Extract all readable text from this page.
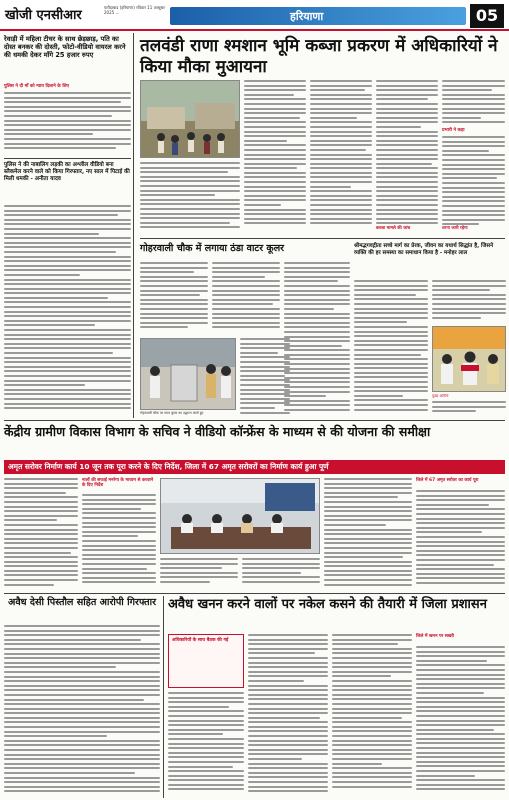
खोजी एनसीआर
फरीदाबाद (हरियाणा) रविवार 11 अक्टूबर 2025 ...	हरियाणा	05
रेवाड़ी में महिला टीचर के साथ छेड़छाड़, पति का दोस्त बनकर की दोस्ती, फोटो-वीडियो वायरल करने की धमकी देकर माँगे 25 हजार रुपए
पुलिस ने दी माँ को न्याय दिलाने के लिए
पुलिस ने की नाबालिग लड़की का अश्लील वीडियो बना ब्लैकमेल करने वाले को किया गिरफ्तार, नए साल में पिटाई की मिली धमकी - अनीता यादव
तलवंडी राणा श्मशान भूमि कब्जा प्रकरण में अधिकारियों ने किया मौका मुआयना
प्रभारी ने कहा
कब्जा मामले की जांच
गोहरवाली चौक में लगाया ठंडा वाटर कूलर
गोहरवाली चौक पर वाटर कूलर का उद्घाटन करते हुए
श्रीमद्भगवद्गीता सच्चे मार्ग का प्रेरक, जीवन का यथार्थ सिद्धांत है, जिसने व्यक्ति की हर समस्या का समाधान किया है - मनोहर लाल
मुख्य अतिथि
धरना जारी रहेगा
केंद्रीय ग्रामीण विकास विभाग के सचिव ने वीडियो कॉन्फ्रेंस के माध्यम से की योजना की समीक्षा
अमृत सरोवर निर्माण कार्य 10 जून तक पूरा करने के दिए निर्देश, जिला में 67 अमृत सरोवरों का निर्माण कार्य हुआ पूर्ण
नालों की सफाई मनरेगा के माध्यम से करवाने के दिए निर्देश
जिले में 67 अमृत सरोवर का कार्य पूरा
अवैध देसी पिस्तौल सहित आरोपी गिरफ्तार अवैध खनन करने वालों पर नकेल कसने की तैयारी में जिला प्रशासन
अधिकारियों के साथ बैठक की गई
जिले में खनन पर सख्ती
